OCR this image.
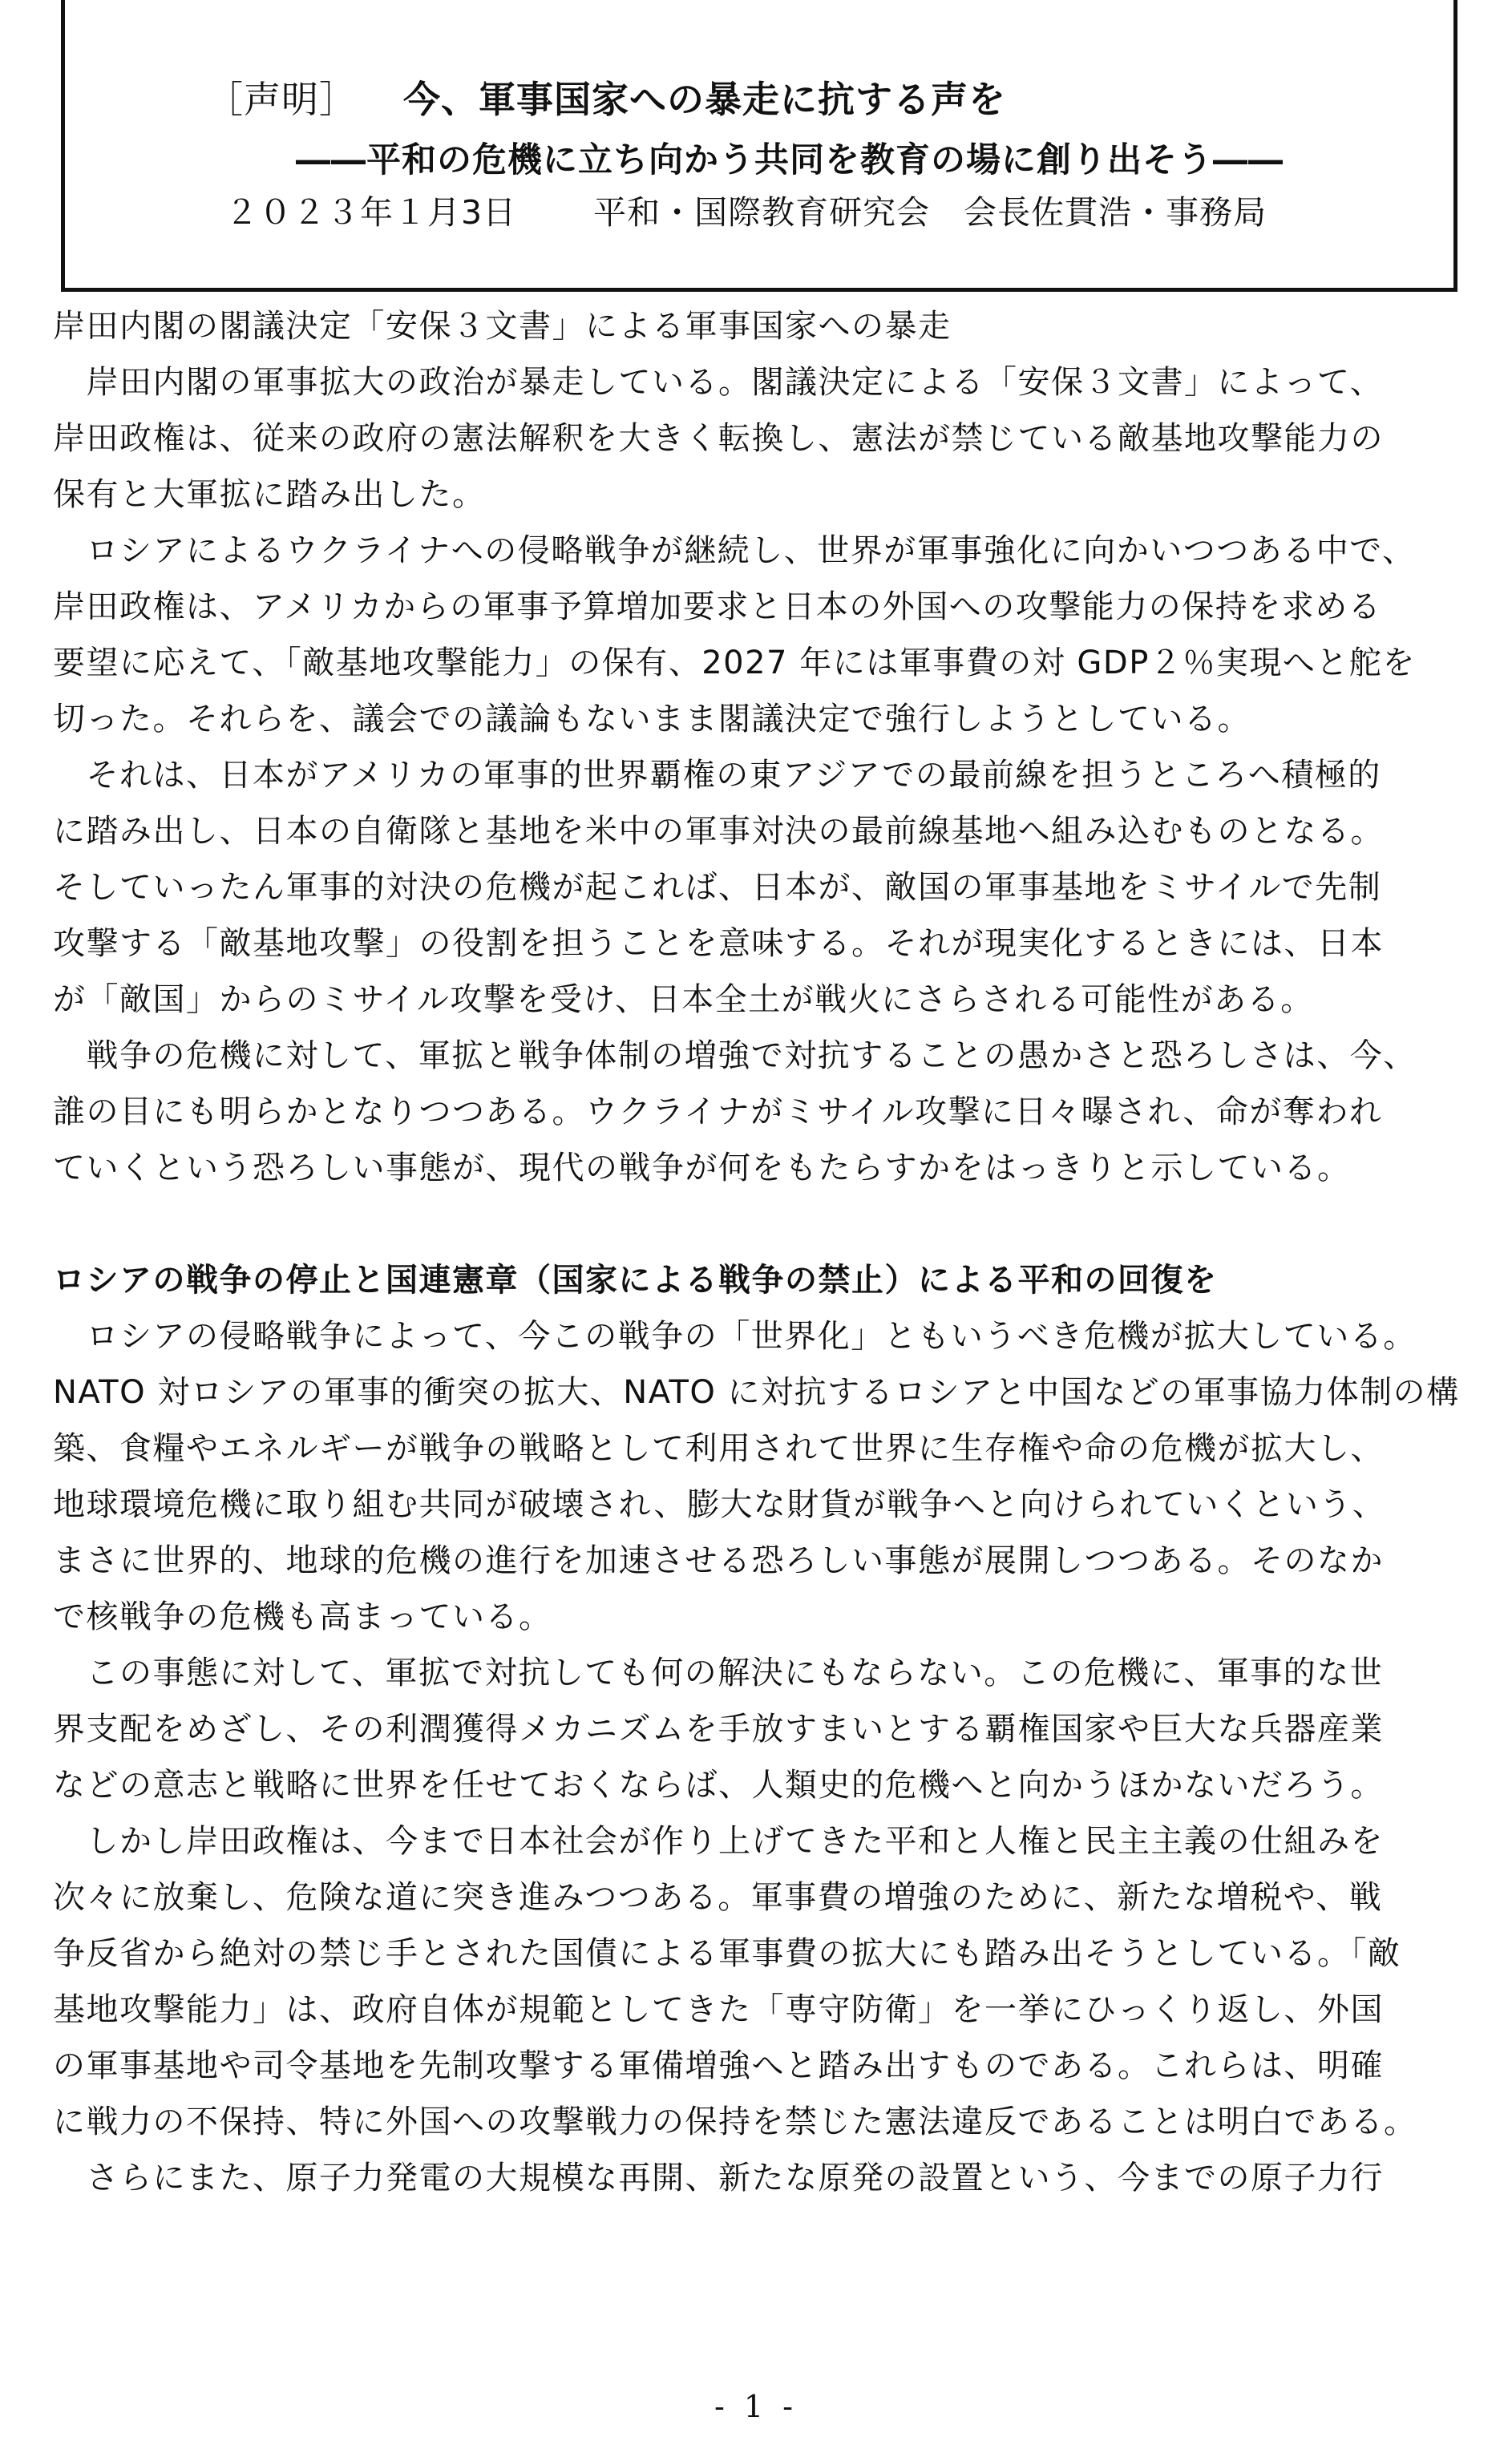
［声明］ 今、軍事国家への暴走に抗する声を
――平和の危機に立ち向かう共同を教育の場に創り出そう――
２０２３年１月3日 平和・国際教育研究会　会長佐貫浩・事務局
岸田内閣の閣議決定「安保３文書」による軍事国家への暴走
　岸田内閣の軍事拡大の政治が暴走している。閣議決定による「安保３文書」によって、
岸田政権は、従来の政府の憲法解釈を大きく転換し、憲法が禁じている敵基地攻撃能力の
保有と大軍拡に踏み出した。
　ロシアによるウクライナへの侵略戦争が継続し、世界が軍事強化に向かいつつある中で、
岸田政権は、アメリカからの軍事予算増加要求と日本の外国への攻撃能力の保持を求める
要望に応えて、「敵基地攻撃能力」の保有、2027 年には軍事費の対 GDP２％実現へと舵を
切った。それらを、議会での議論もないまま閣議決定で強行しようとしている。
　それは、日本がアメリカの軍事的世界覇権の東アジアでの最前線を担うところへ積極的
に踏み出し、日本の自衛隊と基地を米中の軍事対決の最前線基地へ組み込むものとなる。
そしていったん軍事的対決の危機が起これば、日本が、敵国の軍事基地をミサイルで先制
攻撃する「敵基地攻撃」の役割を担うことを意味する。それが現実化するときには、日本
が「敵国」からのミサイル攻撃を受け、日本全土が戦火にさらされる可能性がある。
　戦争の危機に対して、軍拡と戦争体制の増強で対抗することの愚かさと恐ろしさは、今、
誰の目にも明らかとなりつつある。ウクライナがミサイル攻撃に日々曝され、命が奪われ
ていくという恐ろしい事態が、現代の戦争が何をもたらすかをはっきりと示している。
ロシアの戦争の停止と国連憲章（国家による戦争の禁止）による平和の回復を
　ロシアの侵略戦争によって、今この戦争の「世界化」ともいうべき危機が拡大している。
NATO 対ロシアの軍事的衝突の拡大、NATO に対抗するロシアと中国などの軍事協力体制の構
築、食糧やエネルギーが戦争の戦略として利用されて世界に生存権や命の危機が拡大し、
地球環境危機に取り組む共同が破壊され、膨大な財貨が戦争へと向けられていくという、
まさに世界的、地球的危機の進行を加速させる恐ろしい事態が展開しつつある。そのなか
で核戦争の危機も高まっている。
　この事態に対して、軍拡で対抗しても何の解決にもならない。この危機に、軍事的な世
界支配をめざし、その利潤獲得メカニズムを手放すまいとする覇権国家や巨大な兵器産業
などの意志と戦略に世界を任せておくならば、人類史的危機へと向かうほかないだろう。
　しかし岸田政権は、今まで日本社会が作り上げてきた平和と人権と民主主義の仕組みを
次々に放棄し、危険な道に突き進みつつある。軍事費の増強のために、新たな増税や、戦
争反省から絶対の禁じ手とされた国債による軍事費の拡大にも踏み出そうとしている。「敵
基地攻撃能力」は、政府自体が規範としてきた「専守防衛」を一挙にひっくり返し、外国
の軍事基地や司令基地を先制攻撃する軍備増強へと踏み出すものである。これらは、明確
に戦力の不保持、特に外国への攻撃戦力の保持を禁じた憲法違反であることは明白である。
　さらにまた、原子力発電の大規模な再開、新たな原発の設置という、今までの原子力行
- 1 -
